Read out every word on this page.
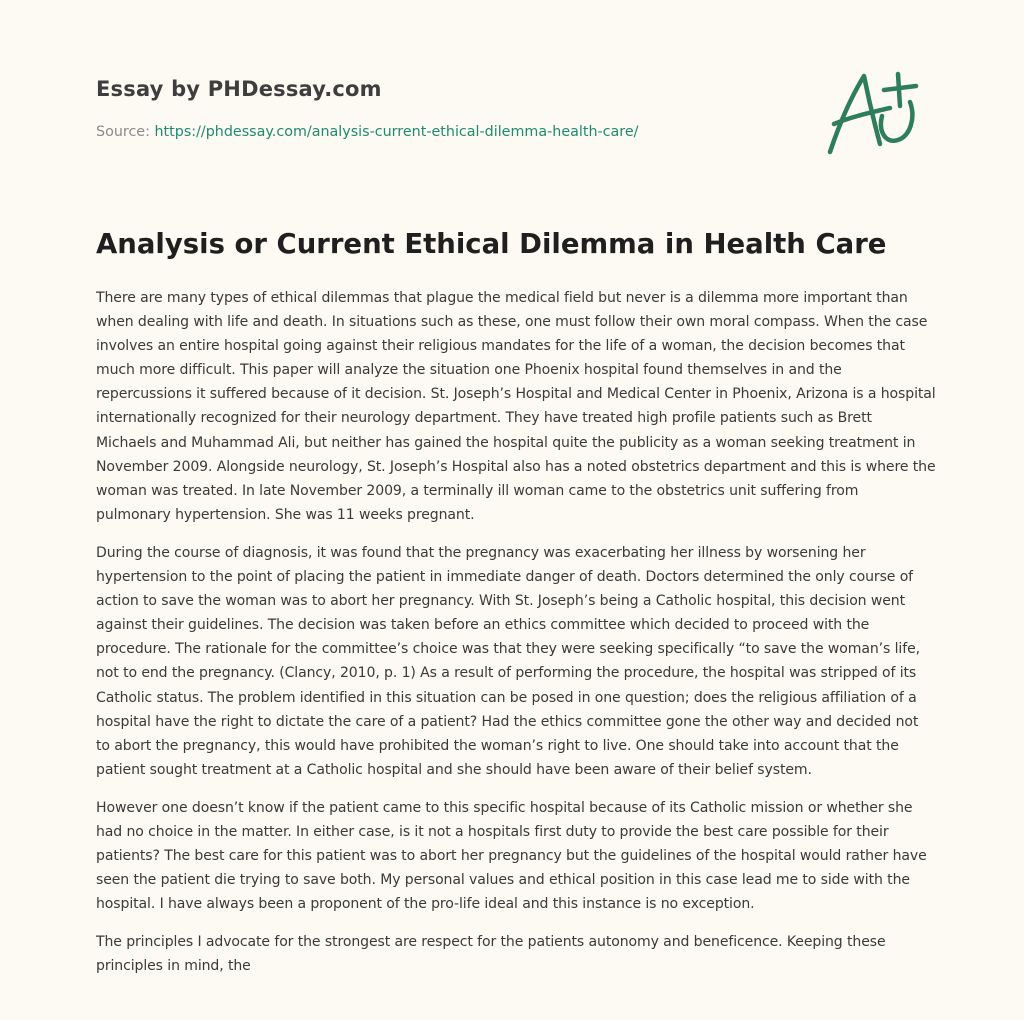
Essay by PHDessay.com
Source: https://phdessay.com/analysis-current-ethical-dilemma-health-care/
Analysis or Current Ethical Dilemma in Health Care

There are many types of ethical dilemmas that plague the medical field but never is a dilemma more important than when dealing with life and death. In situations such as these, one must follow their own moral compass. When the case involves an entire hospital going against their religious mandates for the life of a woman, the decision becomes that much more difficult. This paper will analyze the situation one Phoenix hospital found themselves in and the repercussions it suffered because of it decision. St. Joseph’s Hospital and Medical Center in Phoenix, Arizona is a hospital internationally recognized for their neurology department. They have treated high profile patients such as Brett Michaels and Muhammad Ali, but neither has gained the hospital quite the publicity as a woman seeking treatment in November 2009. Alongside neurology, St. Joseph’s Hospital also has a noted obstetrics department and this is where the woman was treated. In late November 2009, a terminally ill woman came to the obstetrics unit suffering from pulmonary hypertension. She was 11 weeks pregnant.

During the course of diagnosis, it was found that the pregnancy was exacerbating her illness by worsening her hypertension to the point of placing the patient in immediate danger of death. Doctors determined the only course of action to save the woman was to abort her pregnancy. With St. Joseph’s being a Catholic hospital, this decision went against their guidelines. The decision was taken before an ethics committee which decided to proceed with the procedure. The rationale for the committee’s choice was that they were seeking specifically “to save the woman’s life, not to end the pregnancy. (Clancy, 2010, p. 1) As a result of performing the procedure, the hospital was stripped of its Catholic status. The problem identified in this situation can be posed in one question; does the religious affiliation of a hospital have the right to dictate the care of a patient? Had the ethics committee gone the other way and decided not to abort the pregnancy, this would have prohibited the woman’s right to live. One should take into account that the patient sought treatment at a Catholic hospital and she should have been aware of their belief system.

However one doesn’t know if the patient came to this specific hospital because of its Catholic mission or whether she had no choice in the matter. In either case, is it not a hospitals first duty to provide the best care possible for their patients? The best care for this patient was to abort her pregnancy but the guidelines of the hospital would rather have seen the patient die trying to save both. My personal values and ethical position in this case lead me to side with the hospital. I have always been a proponent of the pro-life ideal and this instance is no exception.

The principles I advocate for the strongest are respect for the patients autonomy and beneficence. Keeping these principles in mind, the
